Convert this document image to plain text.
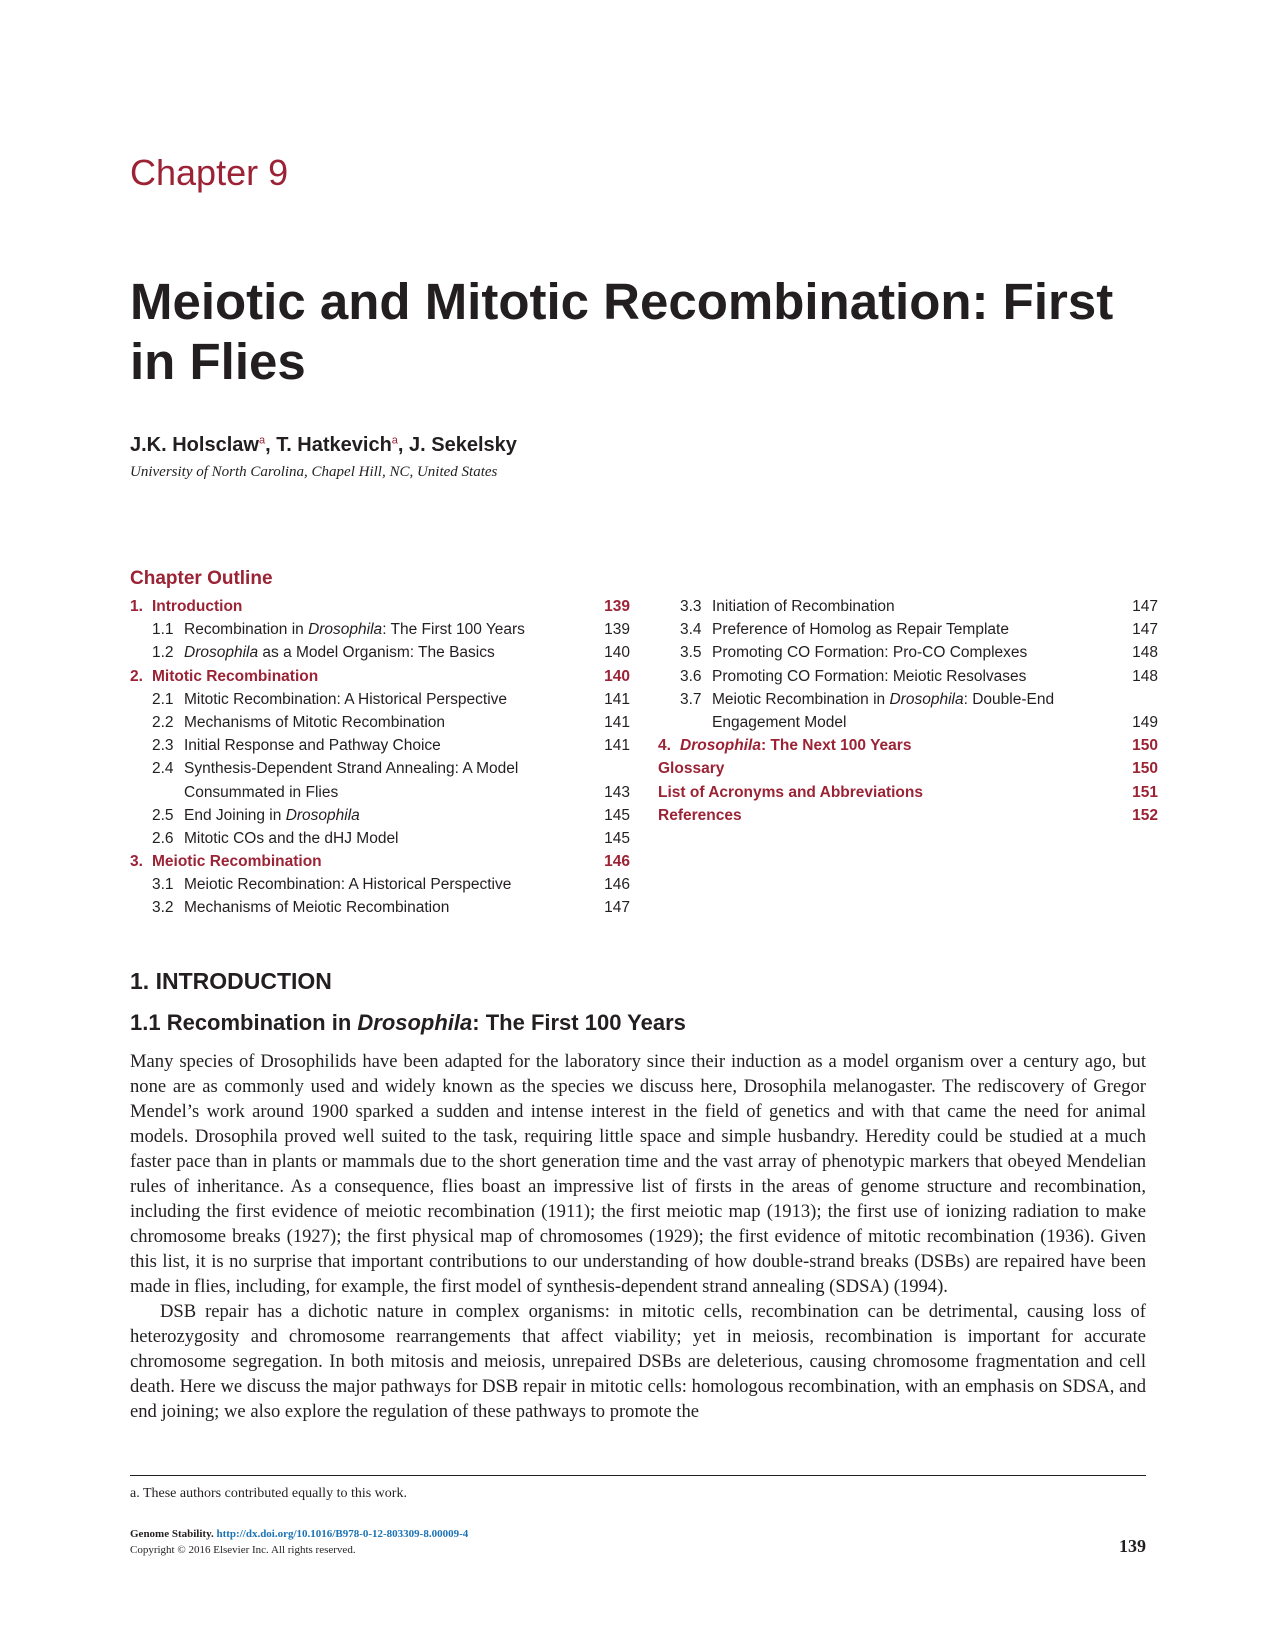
Chapter 9
Meiotic and Mitotic Recombination: First in Flies
J.K. Holsclaw$^a$, T. Hatkevich$^a$, J. Sekelsky
University of North Carolina, Chapel Hill, NC, United States
Chapter Outline
1. Introduction	139
1.1 Recombination in Drosophila: The First 100 Years	139
1.2 Drosophila as a Model Organism: The Basics	140
2. Mitotic Recombination	140
2.1 Mitotic Recombination: A Historical Perspective	141
2.2 Mechanisms of Mitotic Recombination	141
2.3 Initial Response and Pathway Choice	141
2.4 Synthesis-Dependent Strand Annealing: A Model
Consummated in Flies	143
2.5 End Joining in Drosophila	145
2.6 Mitotic COs and the dHJ Model	145
3. Meiotic Recombination	146
3.1 Meiotic Recombination: A Historical Perspective	146
3.2 Mechanisms of Meiotic Recombination	147
3.3 Initiation of Recombination	147
3.4 Preference of Homolog as Repair Template	147
3.5 Promoting CO Formation: Pro-CO Complexes	148
3.6 Promoting CO Formation: Meiotic Resolvases	148
3.7 Meiotic Recombination in Drosophila: Double-End
Engagement Model	149
4. Drosophila: The Next 100 Years	150
Glossary	150
List of Acronyms and Abbreviations	151
References	152
1. INTRODUCTION
1.1 Recombination in Drosophila: The First 100 Years

Many species of Drosophilids have been adapted for the laboratory since their induction as a model organism over a century ago, but none are as commonly used and widely known as the species we discuss here, Drosophila melanogaster. The rediscovery of Gregor Mendel’s work around 1900 sparked a sudden and intense interest in the field of genetics and with that came the need for animal models. Drosophila proved well suited to the task, requiring little space and simple husbandry. Heredity could be studied at a much faster pace than in plants or mammals due to the short generation time and the vast array of phenotypic markers that obeyed Mendelian rules of inheritance. As a consequence, flies boast an impressive list of firsts in the areas of genome structure and recombination, including the first evidence of meiotic recombination (1911); the first meiotic map (1913); the first use of ionizing radiation to make chromosome breaks (1927); the first physical map of chromosomes (1929); the first evidence of mitotic recombination (1936). Given this list, it is no surprise that important contributions to our understanding of how double-strand breaks (DSBs) are repaired have been made in flies, including, for example, the first model of synthesis-dependent strand annealing (SDSA) (1994).

DSB repair has a dichotic nature in complex organisms: in mitotic cells, recombination can be detrimental, causing loss of heterozygosity and chromosome rearrangements that affect viability; yet in meiosis, recombination is important for accurate chromosome segregation. In both mitosis and meiosis, unrepaired DSBs are deleterious, causing chromosome fragmentation and cell death. Here we discuss the major pathways for DSB repair in mitotic cells: homologous recombination, with an emphasis on SDSA, and end joining; we also explore the regulation of these pathways to promote the

a. These authors contributed equally to this work.
Genome Stability. http://dx.doi.org/10.1016/B978-0-12-803309-8.00009-4
Copyright © 2016 Elsevier Inc. All rights reserved.	139
